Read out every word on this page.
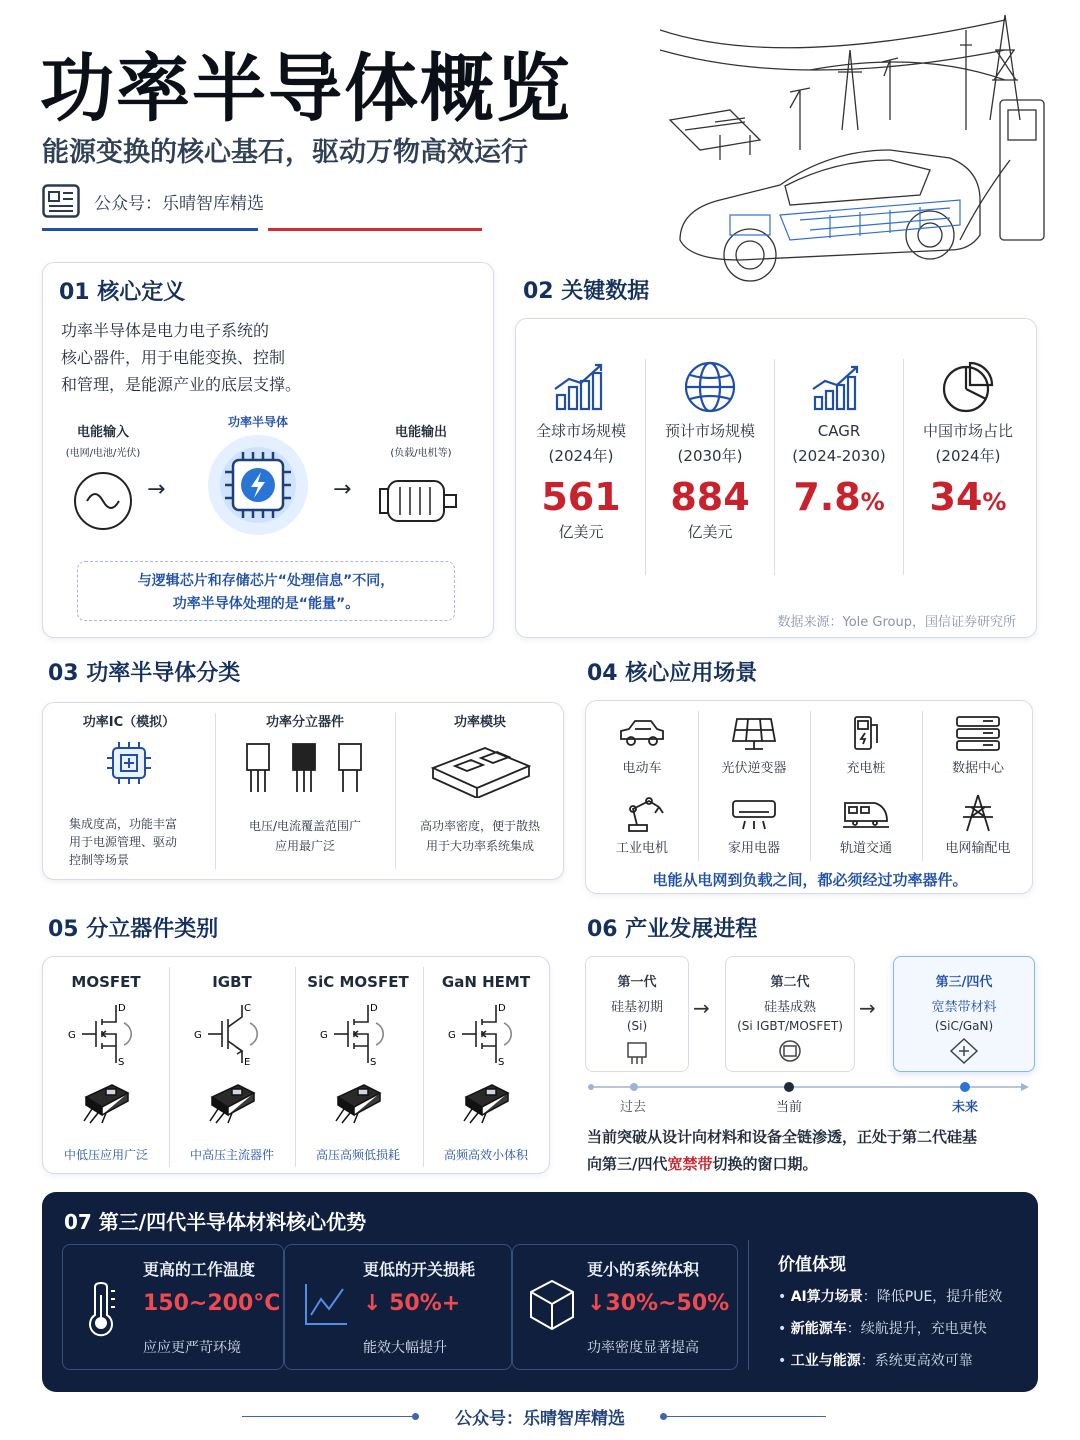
功率半导体概览
能源变换的核心基石，驱动万物高效运行
公众号：乐晴智库精选
01 核心定义
功率半导体是电力电子系统的
核心器件，用于电能变换、控制
和管理，是能源产业的底层支撑。
电能输入
(电网/电池/光伏)
→
功率半导体
→
电能输出
(负载/电机等)
与逻辑芯片和存储芯片“处理信息”不同，
功率半导体处理的是“能量”。
02 关键数据
全球市场规模
(2024年)
561
亿美元
预计市场规模
(2030年)
884
亿美元
CAGR
(2024-2030)
7.8%
中国市场占比
(2024年)
34%
数据来源：Yole Group，国信证券研究所
03 功率半导体分类
功率IC（模拟）
集成度高，功能丰富
用于电源管理、驱动
控制等场景
功率分立器件
电压/电流覆盖范围广
应用最广泛
功率模块
高功率密度，便于散热
用于大功率系统集成
04 核心应用场景
电动车	光伏逆变器	充电桩	数据中心
工业电机	家用电器	轨道交通	电网输配电
电能从电网到负载之间，都必须经过功率器件。
05 分立器件类别
MOSFET
D
G
S
中低压应用广泛
IGBT
C
G
E
中高压主流器件
SiC MOSFET
D
G
S
高压高频低损耗
GaN HEMT
D
G
S
高频高效小体积
06 产业发展进程
第一代
硅基初期
(Si)
→
第二代
硅基成熟
(Si IGBT/MOSFET)
→
第三/四代
宽禁带材料
(SiC/GaN)
过去	当前	未来
当前突破从设计向材料和设备全链渗透，正处于第二代硅基
向第三/四代宽禁带切换的窗口期。
07 第三/四代半导体材料核心优势
更高的工作温度
150~200°C
应应更严苛环境
更低的开关损耗
↓ 50%+
能效大幅提升
更小的系统体积
↓30%~50%
功率密度显著提高
价值体现
• AI算力场景：降低PUE，提升能效
• 新能源车：续航提升，充电更快
• 工业与能源：系统更高效可靠
公众号：乐晴智库精选
